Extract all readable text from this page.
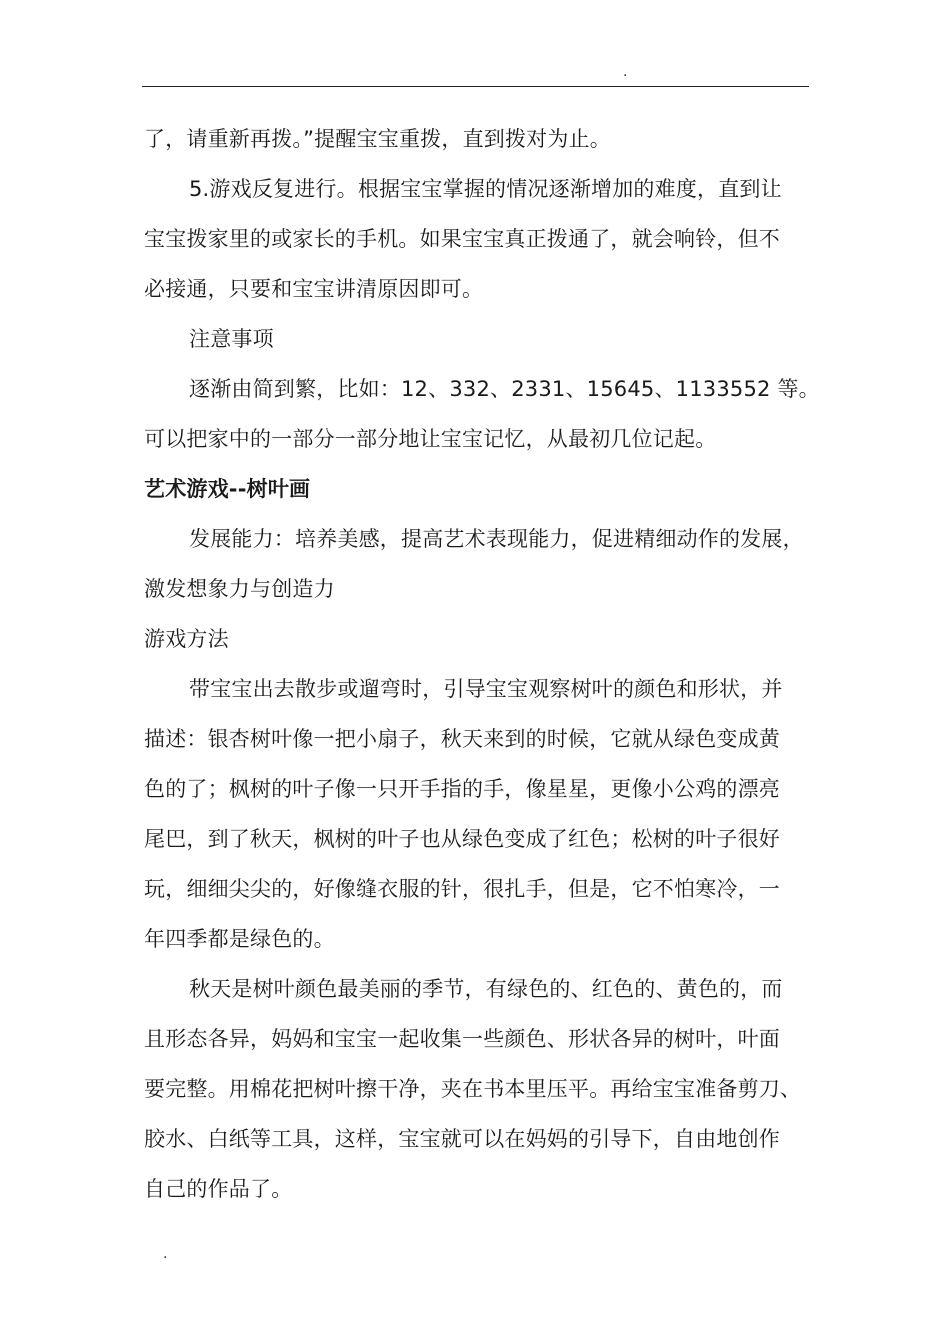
.
了，请重新再拨。”提醒宝宝重拨，直到拨对为止。
5.游戏反复进行。根据宝宝掌握的情况逐渐增加的难度，直到让
宝宝拨家里的或家长的手机。如果宝宝真正拨通了，就会响铃，但不
必接通，只要和宝宝讲清原因即可。
注意事项
逐渐由简到繁，比如：12、332、2331、15645、1133552 等。
可以把家中的一部分一部分地让宝宝记忆，从最初几位记起。
艺术游戏--树叶画
发展能力：培养美感，提高艺术表现能力，促进精细动作的发展，
激发想象力与创造力
游戏方法
带宝宝出去散步或遛弯时，引导宝宝观察树叶的颜色和形状，并
描述：银杏树叶像一把小扇子，秋天来到的时候，它就从绿色变成黄
色的了；枫树的叶子像一只开手指的手，像星星，更像小公鸡的漂亮
尾巴，到了秋天，枫树的叶子也从绿色变成了红色；松树的叶子很好
玩，细细尖尖的，好像缝衣服的针，很扎手，但是，它不怕寒冷，一
年四季都是绿色的。
秋天是树叶颜色最美丽的季节，有绿色的、红色的、黄色的，而
且形态各异，妈妈和宝宝一起收集一些颜色、形状各异的树叶，叶面
要完整。用棉花把树叶擦干净，夹在书本里压平。再给宝宝准备剪刀、
胶水、白纸等工具，这样，宝宝就可以在妈妈的引导下，自由地创作
自己的作品了。
.
